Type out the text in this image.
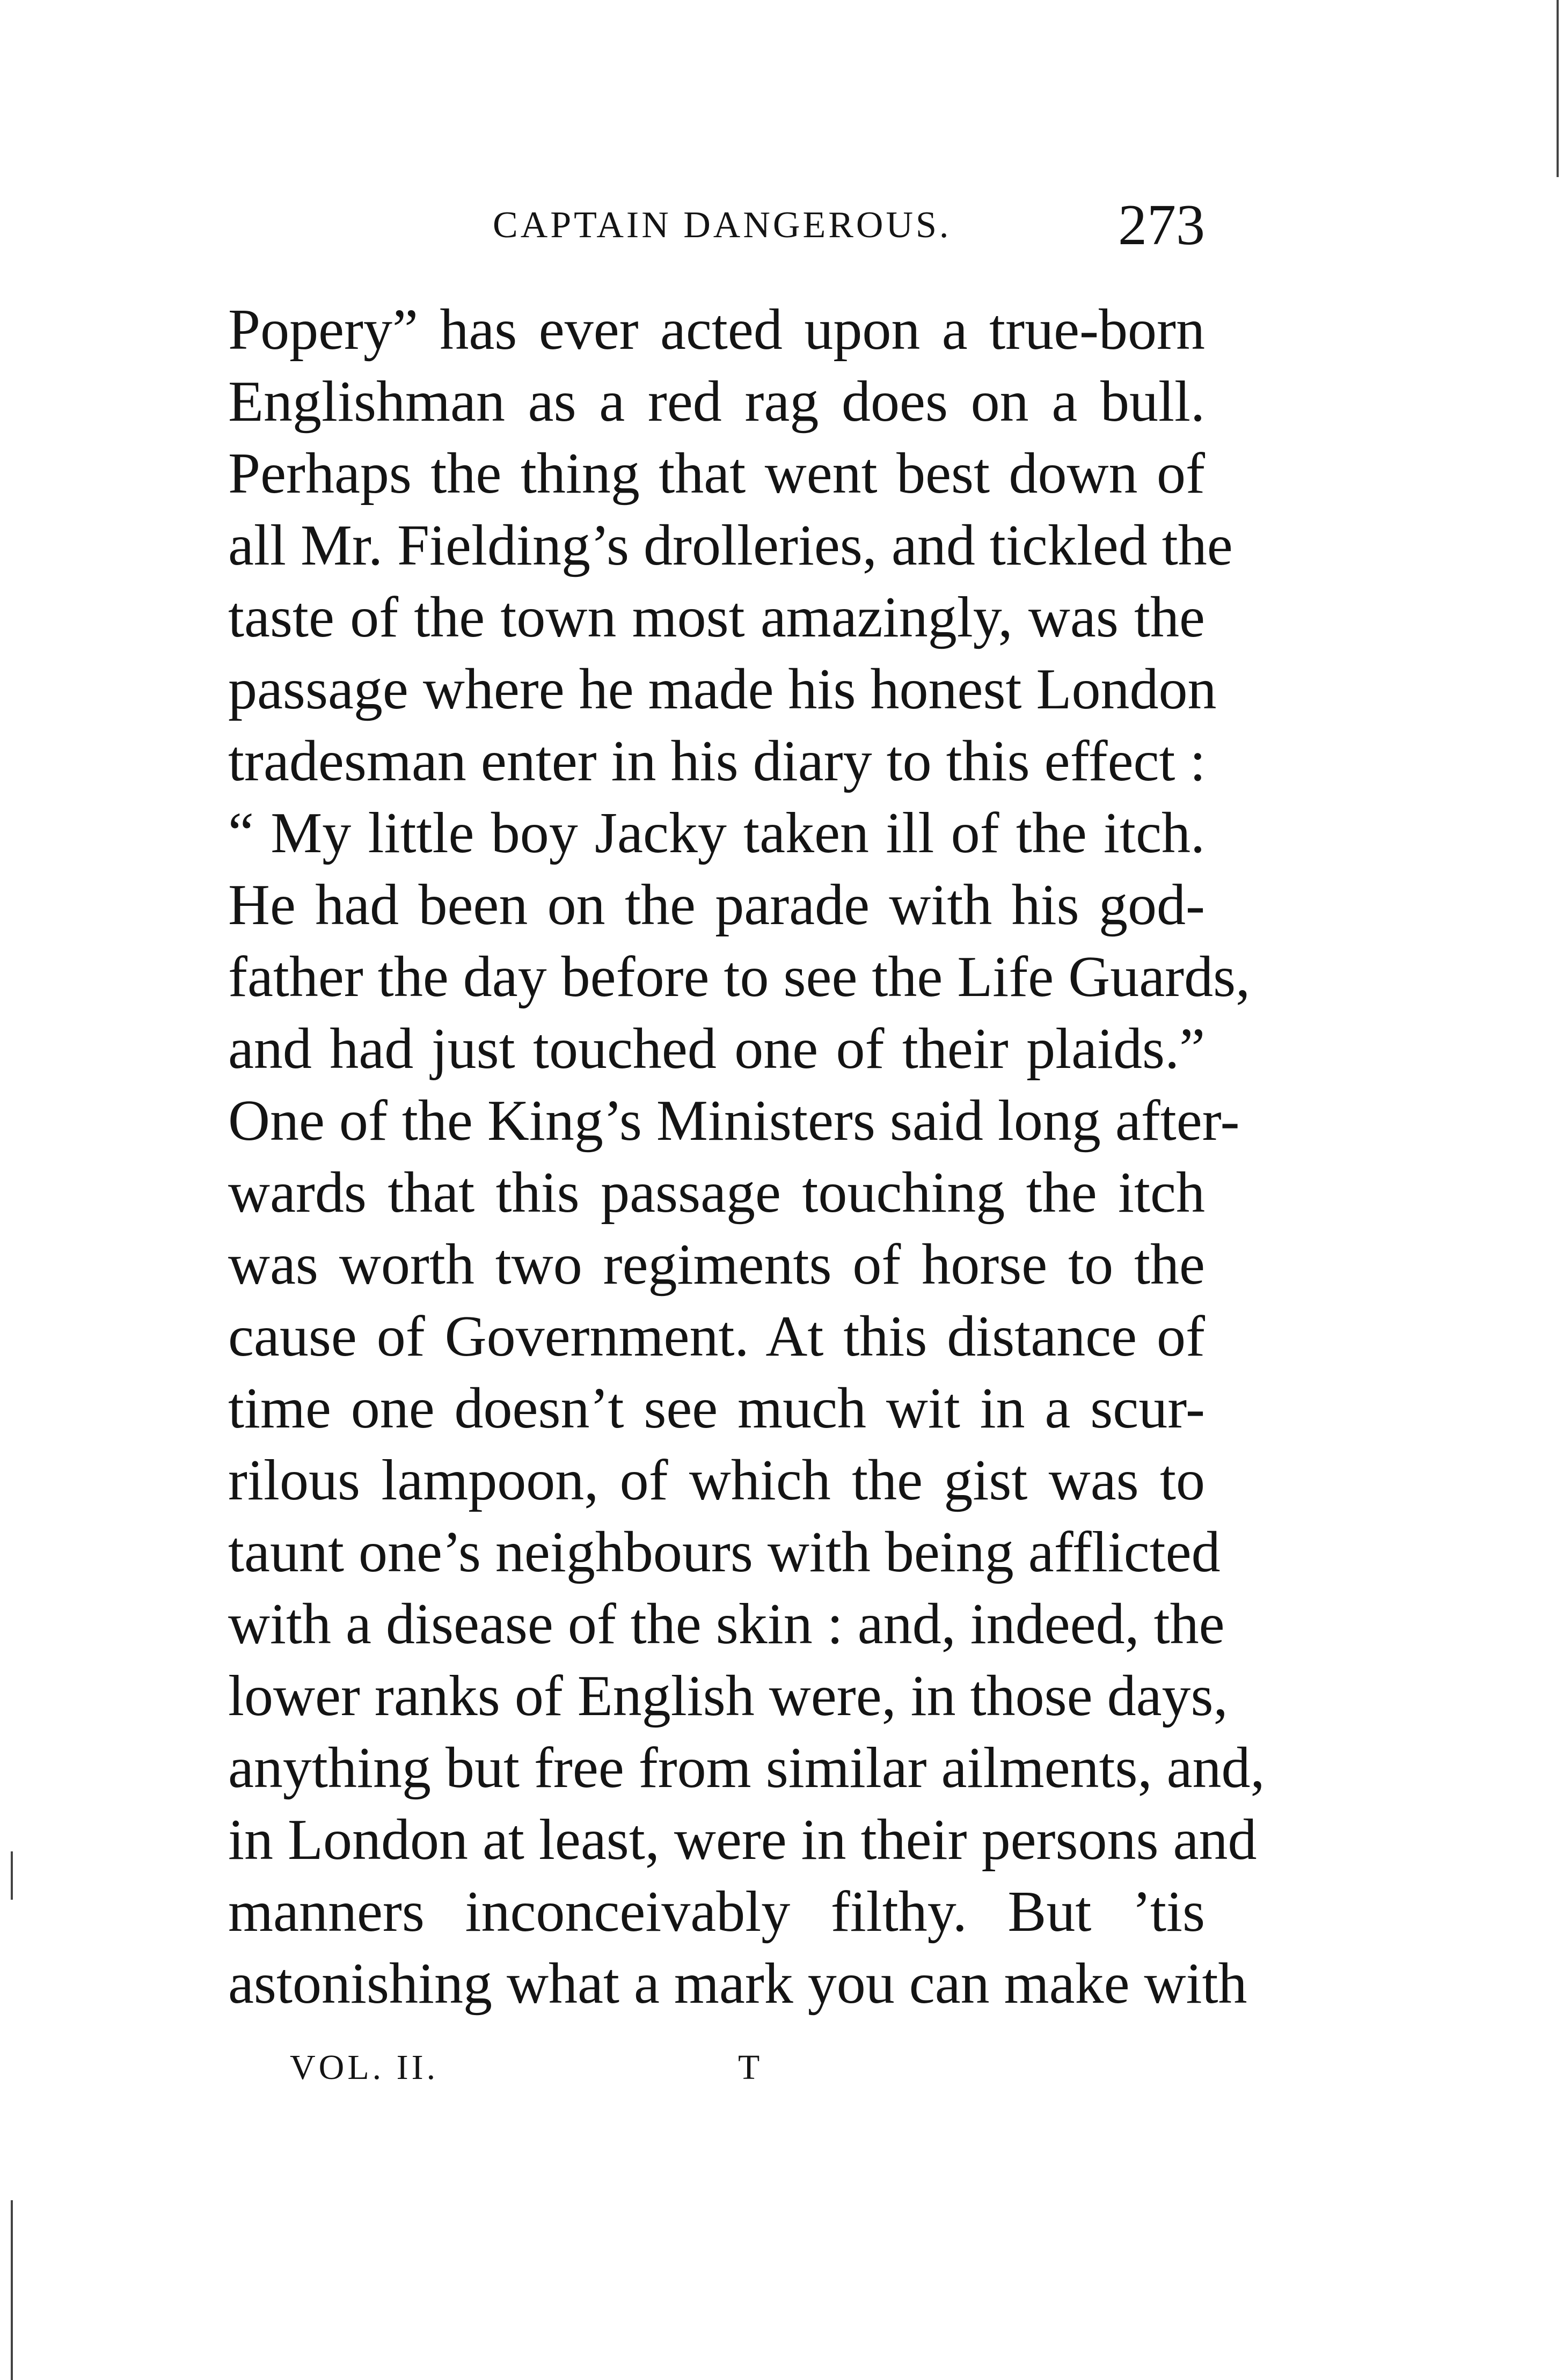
CAPTAIN DANGEROUS.	273
Popery” has ever acted upon a true-born
Englishman as a red rag does on a bull.
Perhaps the thing that went best down of
all Mr. Fielding’s drolleries, and tickled the
taste of the town most amazingly, was the
passage where he made his honest London
tradesman enter in his diary to this effect :
“ My little boy Jacky taken ill of the itch.
He had been on the parade with his god-
father the day before to see the Life Guards,
and had just touched one of their plaids.”
One of the King’s Ministers said long after-
wards that this passage touching the itch
was worth two regiments of horse to the
cause of Government. At this distance of
time one doesn’t see much wit in a scur-
rilous lampoon, of which the gist was to
taunt one’s neighbours with being afflicted
with a disease of the skin : and, indeed, the
lower ranks of English were, in those days,
anything but free from similar ailments, and,
in London at least, were in their persons and
manners inconceivably filthy. But ’tis
astonishing what a mark you can make with
VOL. II.	T
